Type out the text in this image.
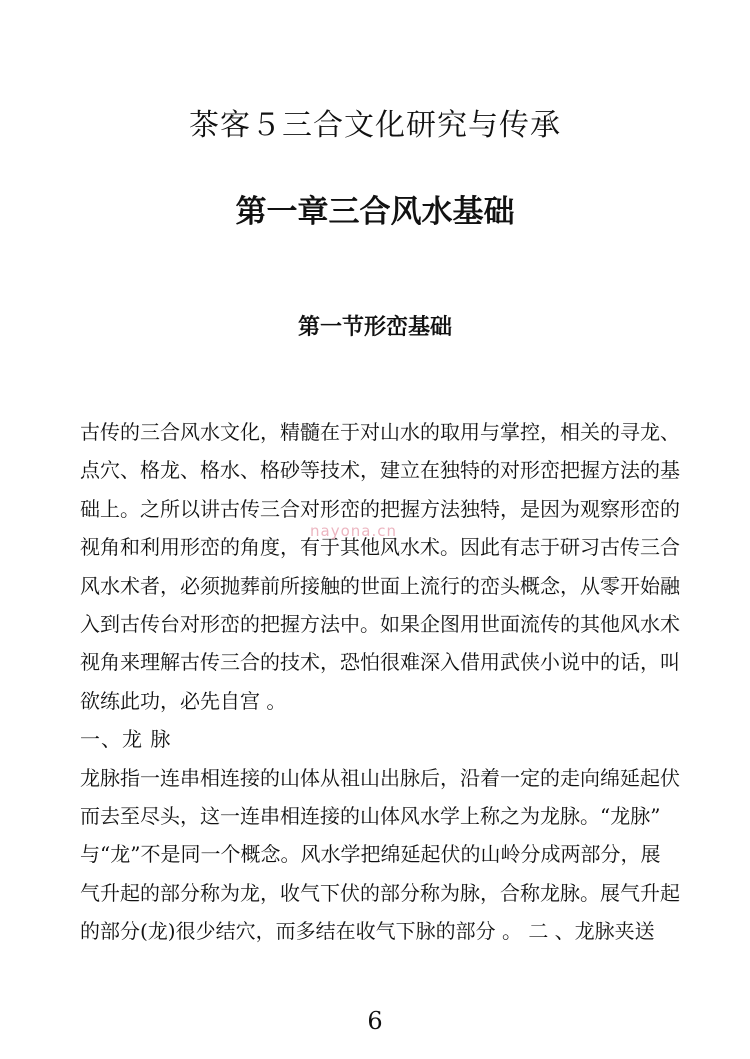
茶客５三合文化研究与传承
第一章三合风水基础
第一节形峦基础
古传的三合风水文化，精髓在于对山水的取用与掌控，相关的寻龙、
点穴、格龙、格水、格砂等技术，建立在独特的对形峦把握方法的基
础上。之所以讲古传三合对形峦的把握方法独特，是因为观察形峦的
视角和利用形峦的角度，有于其他风水术。因此有志于研习古传三合
风水术者，必须抛葬前所接触的世面上流行的峦头概念，从零开始融
入到古传台对形峦的把握方法中。如果企图用世面流传的其他风水术
视角来理解古传三合的技术，恐怕很难深入借用武侠小说中的话，叫
欲练此功，必先自宫 。
一、龙 脉
龙脉指一连串相连接的山体从祖山出脉后，沿着一定的走向绵延起伏
而去至尽头，这一连串相连接的山体风水学上称之为龙脉。“龙脉”
与“龙”不是同一个概念。风水学把绵延起伏的山岭分成两部分，展
气升起的部分称为龙，收气下伏的部分称为脉，合称龙脉。展气升起
的部分(龙)很少结穴，而多结在收气下脉的部分 。 二 、龙脉夹送
nayona.cn
6
